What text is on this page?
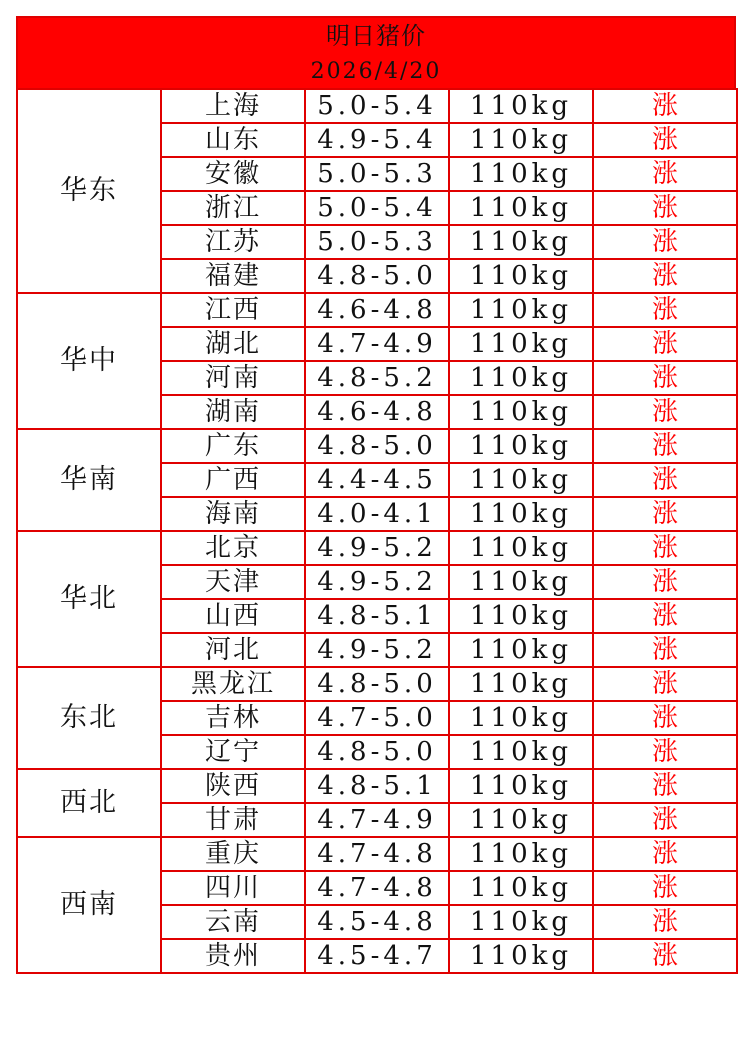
明日猪价
2026/4/20
华东	上海	5.0-5.4	110kg	涨
	山东	4.9-5.4	110kg	涨
	安徽	5.0-5.3	110kg	涨
	浙江	5.0-5.4	110kg	涨
	江苏	5.0-5.3	110kg	涨
	福建	4.8-5.0	110kg	涨
华中	江西	4.6-4.8	110kg	涨
	湖北	4.7-4.9	110kg	涨
	河南	4.8-5.2	110kg	涨
	湖南	4.6-4.8	110kg	涨
华南	广东	4.8-5.0	110kg	涨
	广西	4.4-4.5	110kg	涨
	海南	4.0-4.1	110kg	涨
华北	北京	4.9-5.2	110kg	涨
	天津	4.9-5.2	110kg	涨
	山西	4.8-5.1	110kg	涨
	河北	4.9-5.2	110kg	涨
东北	黑龙江	4.8-5.0	110kg	涨
	吉林	4.7-5.0	110kg	涨
	辽宁	4.8-5.0	110kg	涨
西北	陕西	4.8-5.1	110kg	涨
	甘肃	4.7-4.9	110kg	涨
西南	重庆	4.7-4.8	110kg	涨
	四川	4.7-4.8	110kg	涨
	云南	4.5-4.8	110kg	涨
	贵州	4.5-4.7	110kg	涨
